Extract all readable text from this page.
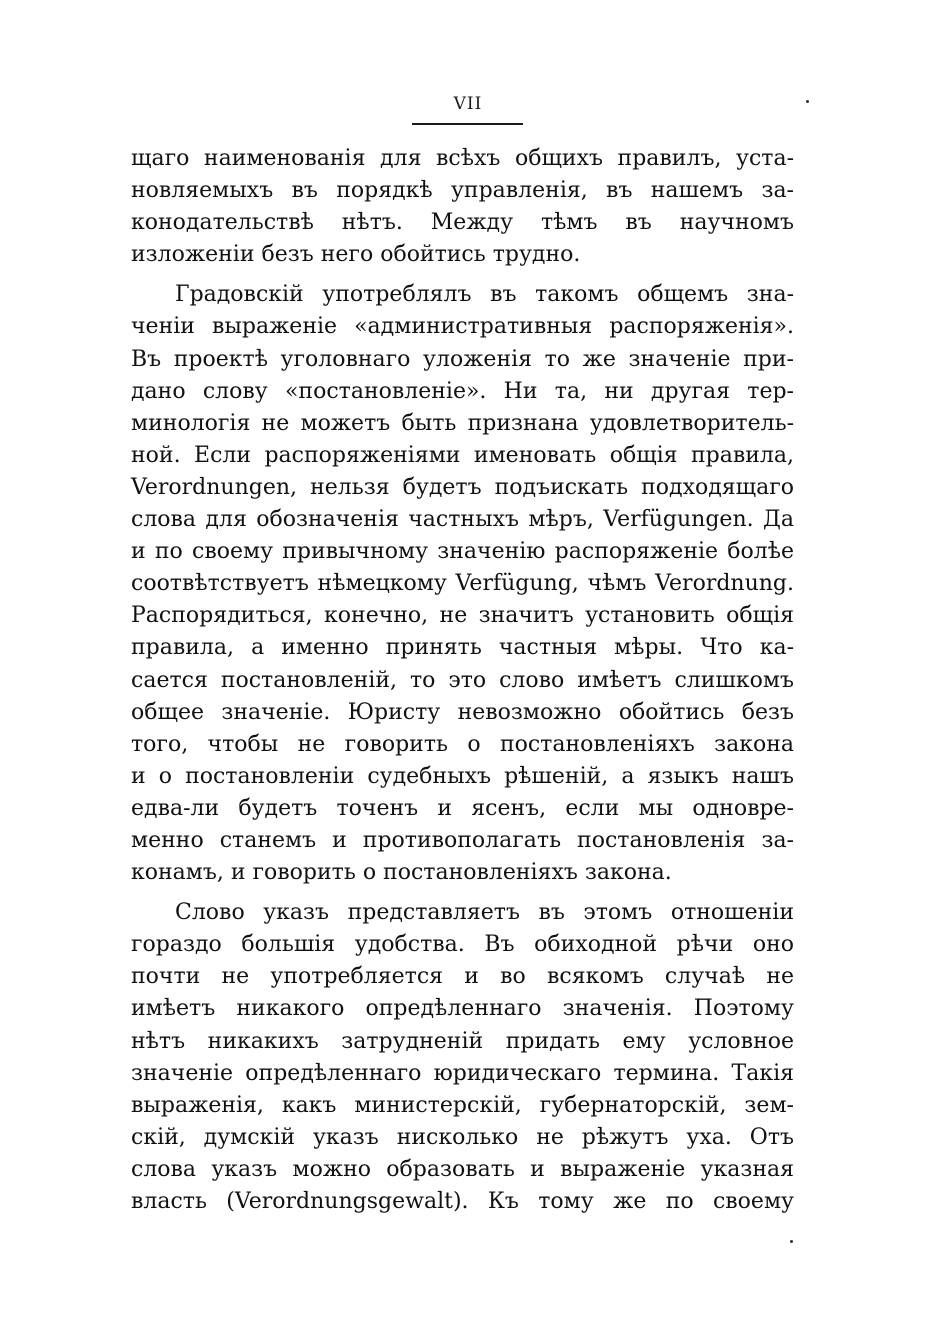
VII
щаго наименованія для всѣхъ общихъ правилъ, уста-
новляемыхъ въ порядкѣ управленія, въ нашемъ за-
конодательствѣ нѣтъ. Между тѣмъ въ научномъ
изложеніи безъ него обойтись трудно.
Градовскій употреблялъ въ такомъ общемъ зна-
ченіи выраженіе «административныя распоряженія».
Въ проектѣ уголовнаго уложенія то же значеніе при-
дано слову «постановленіе». Ни та, ни другая тер-
минологія не можетъ быть признана удовлетворитель-
ной. Если распоряженіями именовать общія правила,
Verordnungen, нельзя будетъ подъискать подходящаго
слова для обозначенія частныхъ мѣръ, Verfügungen. Да
и по своему привычному значенію распоряженіе болѣе
соотвѣтствуетъ нѣмецкому Verfügung, чѣмъ Verordnung.
Распорядиться, конечно, не значитъ установить общія
правила, а именно принять частныя мѣры. Что ка-
сается постановленій, то это слово имѣетъ слишкомъ
общее значеніе. Юристу невозможно обойтись безъ
того, чтобы не говорить о постановленіяхъ закона
и о постановленіи судебныхъ рѣшеній, а языкъ нашъ
едва-ли будетъ точенъ и ясенъ, если мы одновре-
менно станемъ и противополагать постановленія за-
конамъ, и говорить о постановленіяхъ закона.
Слово указъ представляетъ въ этомъ отношеніи
гораздо большія удобства. Въ обиходной рѣчи оно
почти не употребляется и во всякомъ случаѣ не
имѣетъ никакого опредѣленнаго значенія. Поэтому
нѣтъ никакихъ затрудненій придать ему условное
значеніе опредѣленнаго юридическаго термина. Такія
выраженія, какъ министерскій, губернаторскій, зем-
скій, думскій указъ нисколько не рѣжутъ уха. Отъ
слова указъ можно образовать и выраженіе указная
власть (Verordnungsgewalt). Къ тому же по своему
